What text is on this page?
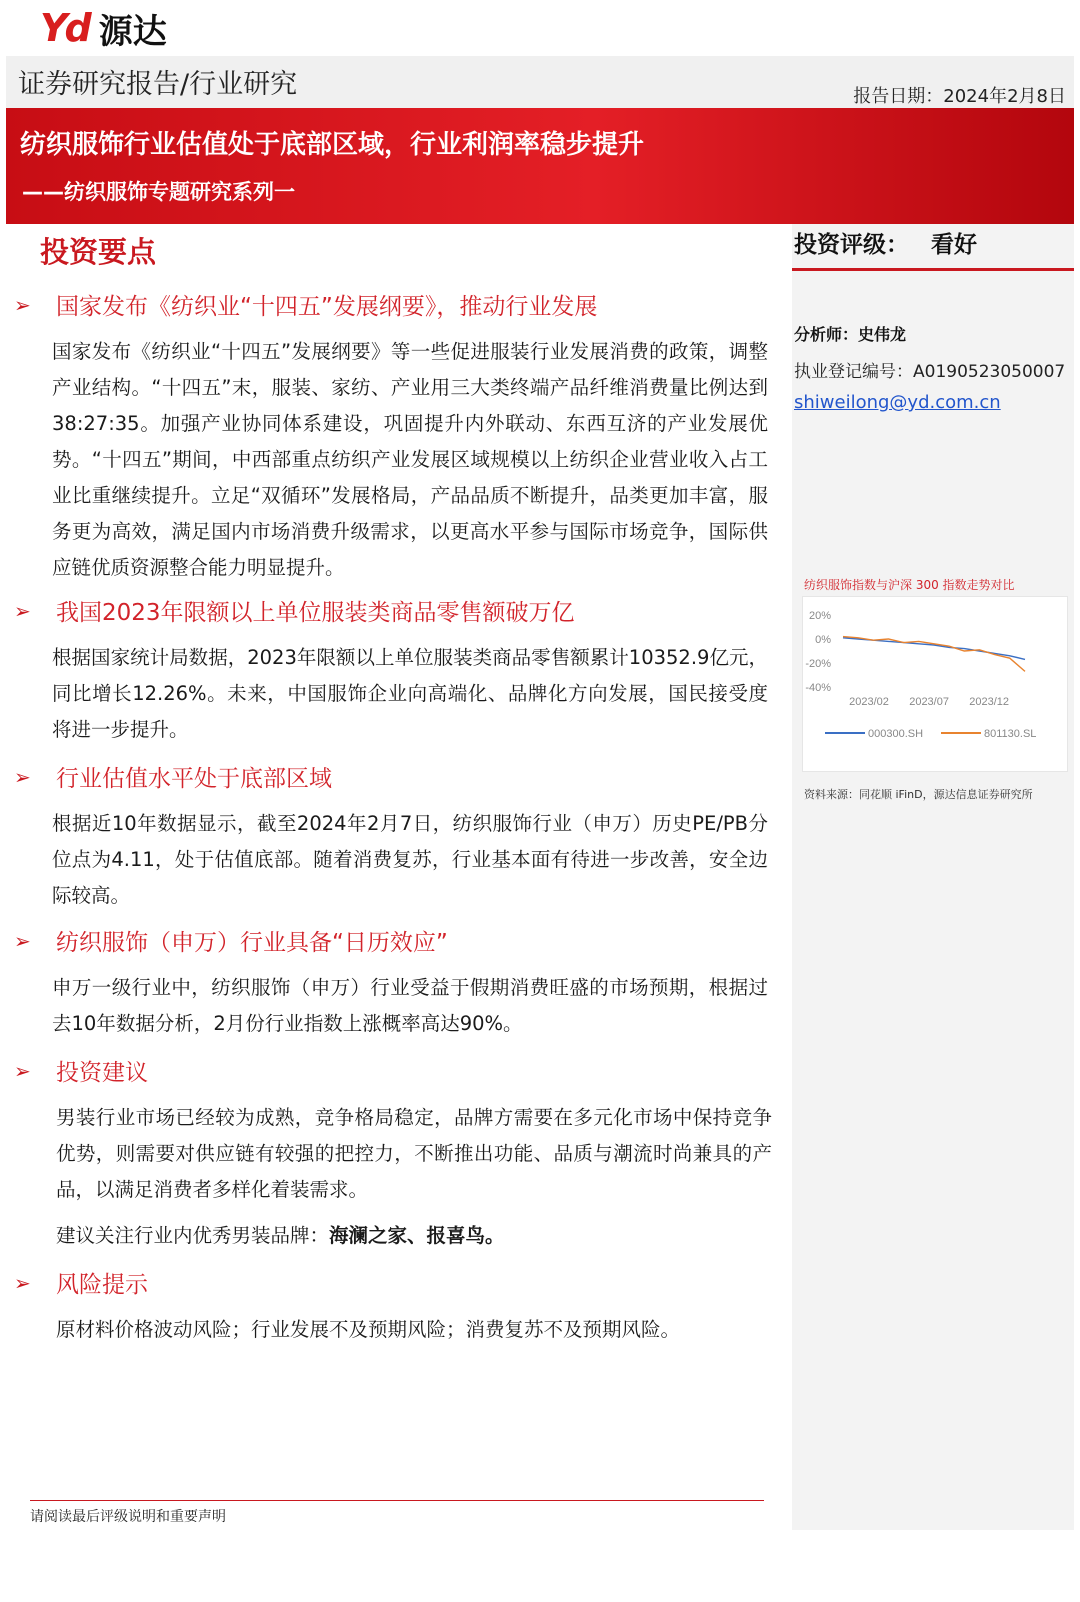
Yd 源达
证券研究报告/行业研究	报告日期：2024年2月8日
纺织服饰行业估值处于底部区域，行业利润率稳步提升
——纺织服饰专题研究系列一
投资要点
➢	国家发布《纺织业“十四五”发展纲要》，推动行业发展
国家发布《纺织业“十四五”发展纲要》等一些促进服装行业发展消费的政策，调整产业结构。“十四五”末，服装、家纺、产业用三大类终端产品纤维消费量比例达到38:27:35。加强产业协同体系建设，巩固提升内外联动、东西互济的产业发展优势。“十四五”期间，中西部重点纺织产业发展区域规模以上纺织企业营业收入占工业比重继续提升。立足“双循环”发展格局，产品品质不断提升，品类更加丰富，服务更为高效，满足国内市场消费升级需求，以更高水平参与国际市场竞争，国际供应链优质资源整合能力明显提升。
➢	我国2023年限额以上单位服装类商品零售额破万亿
根据国家统计局数据，2023年限额以上单位服装类商品零售额累计10352.9亿元，同比增长12.26%。未来，中国服饰企业向高端化、品牌化方向发展，国民接受度将进一步提升。
➢	行业估值水平处于底部区域
根据近10年数据显示，截至2024年2月7日，纺织服饰行业（申万）历史PE/PB分位点为4.11，处于估值底部。随着消费复苏，行业基本面有待进一步改善，安全边际较高。
➢	纺织服饰（申万）行业具备“日历效应”
申万一级行业中，纺织服饰（申万）行业受益于假期消费旺盛的市场预期，根据过去10年数据分析，2月份行业指数上涨概率高达90%。
➢	投资建议
男装行业市场已经较为成熟，竞争格局稳定，品牌方需要在多元化市场中保持竞争优势，则需要对供应链有较强的把控力，不断推出功能、品质与潮流时尚兼具的产品，以满足消费者多样化着装需求。
建议关注行业内优秀男装品牌：海澜之家、报喜鸟。
➢	风险提示
原材料价格波动风险；行业发展不及预期风险；消费复苏不及预期风险。
投资评级： 看好
分析师：史伟龙
执业登记编号：A0190523050007
shiweilong@yd.com.cn
纺织服饰指数与沪深 300 指数走势对比
20%
0%
-20%
-40%
2023/02 2023/07 2023/12
000300.SH	801130.SL
资料来源：同花顺 iFinD，源达信息证券研究所
请阅读最后评级说明和重要声明
